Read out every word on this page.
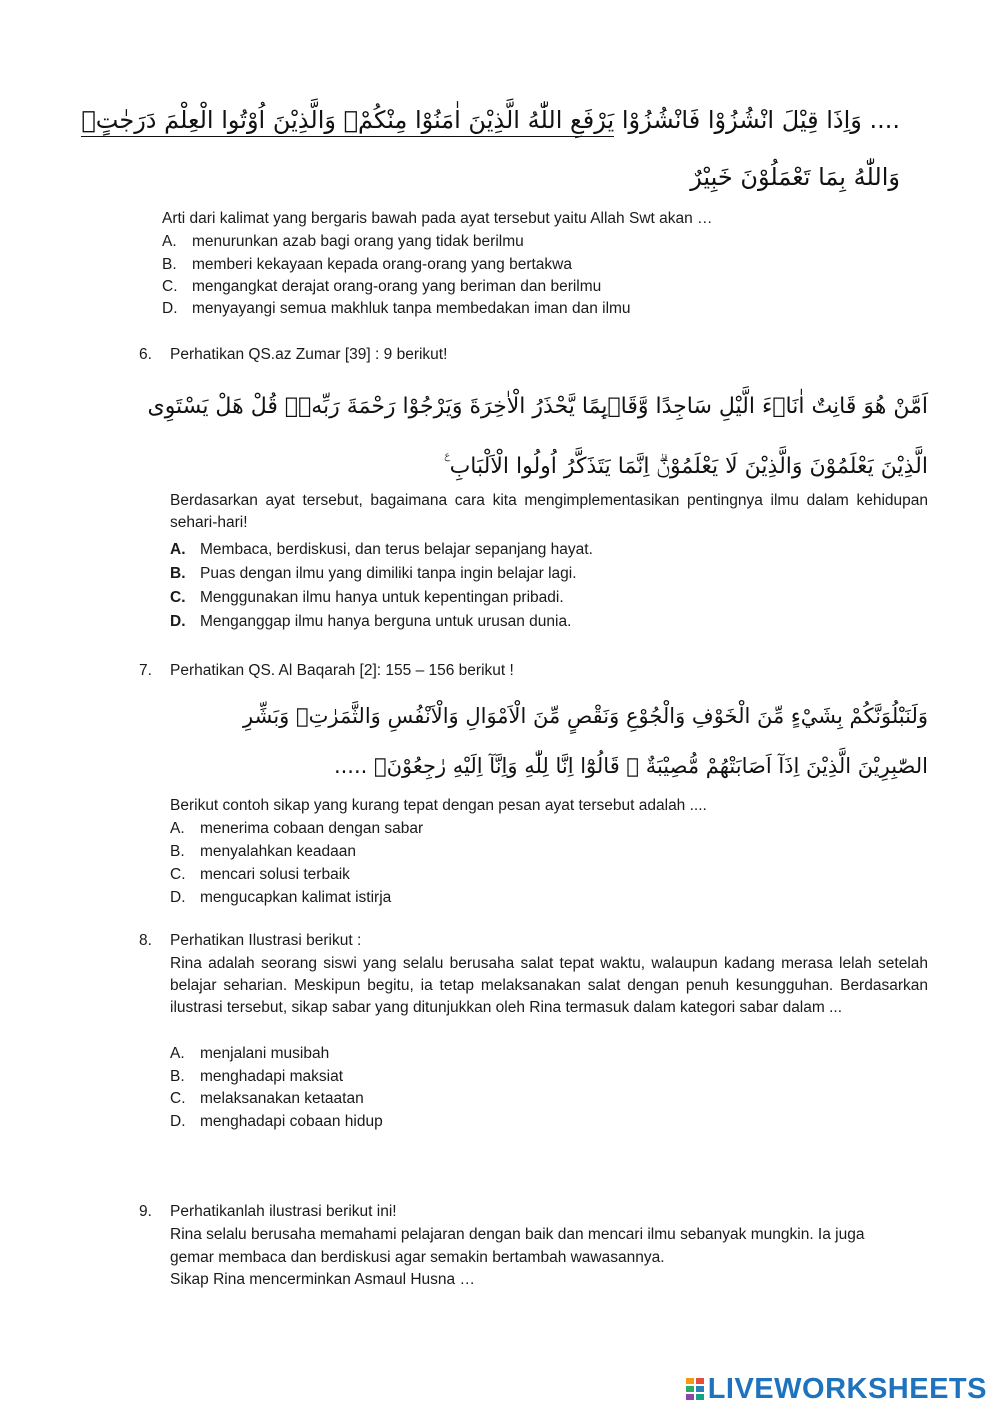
.... وَاِذَا قِيْلَ انْشُزُوْا فَانْشُزُوْا يَرْفَعِ اللّٰهُ الَّذِيْنَ اٰمَنُوْا مِنْكُمْۙ وَالَّذِيْنَ اُوْتُوا الْعِلْمَ دَرَجٰتٍۗ
وَاللّٰهُ بِمَا تَعْمَلُوْنَ خَبِيْرٌ
Arti dari kalimat yang bergaris bawah pada ayat tersebut yaitu Allah Swt akan …
A. menurunkan azab bagi orang yang tidak berilmu
B. memberi kekayaan kepada orang-orang yang bertakwa
C. mengangkat derajat orang-orang yang beriman dan berilmu
D. menyayangi semua makhluk tanpa membedakan iman dan ilmu
6.	Perhatikan QS.az Zumar [39] : 9 berikut!
اَمَّنْ هُوَ قَانِتٌ اٰنَاۤءَ الَّيْلِ سَاجِدًا وَّقَاۤىِٕمًا يَّحْذَرُ الْاٰخِرَةَ وَيَرْجُوْا رَحْمَةَ رَبِّهٖۗ قُلْ هَلْ يَسْتَوِى
الَّذِيْنَ يَعْلَمُوْنَ وَالَّذِيْنَ لَا يَعْلَمُوْنَۗ اِنَّمَا يَتَذَكَّرُ اُولُوا الْاَلْبَابِ ࣖ
Berdasarkan ayat tersebut, bagaimana cara kita mengimplementasikan pentingnya ilmu dalam kehidupan sehari-hari!
A. Membaca, berdiskusi, dan terus belajar sepanjang hayat.
B. Puas dengan ilmu yang dimiliki tanpa ingin belajar lagi.
C. Menggunakan ilmu hanya untuk kepentingan pribadi.
D. Menganggap ilmu hanya berguna untuk urusan dunia.
7.	Perhatikan QS. Al Baqarah [2]: 155 – 156 berikut !
وَلَنَبْلُوَنَّكُمْ بِشَيْءٍ مِّنَ الْخَوْفِ وَالْجُوْعِ وَنَقْصٍ مِّنَ الْاَمْوَالِ وَالْاَنْفُسِ وَالثَّمَرٰتِۗ وَبَشِّرِ
الصّٰبِرِيْنَ الَّذِيْنَ اِذَآ اَصَابَتْهُمْ مُّصِيْبَةٌ ۗ قَالُوْٓا اِنَّا لِلّٰهِ وَاِنَّآ اِلَيْهِ رٰجِعُوْنَۗ .....
Berikut contoh sikap yang kurang tepat dengan pesan ayat tersebut adalah ....
A. menerima cobaan dengan sabar
B. menyalahkan keadaan
C. mencari solusi terbaik
D. mengucapkan kalimat istirja
8.	Perhatikan Ilustrasi berikut :
Rina adalah seorang siswi yang selalu berusaha salat tepat waktu, walaupun kadang merasa lelah setelah belajar seharian. Meskipun begitu, ia tetap melaksanakan salat dengan penuh kesungguhan. Berdasarkan ilustrasi tersebut, sikap sabar yang ditunjukkan oleh Rina termasuk dalam kategori sabar dalam ...
A. menjalani musibah
B. menghadapi maksiat
C. melaksanakan ketaatan
D. menghadapi cobaan hidup
9.	Perhatikanlah ilustrasi berikut ini!
Rina selalu berusaha memahami pelajaran dengan baik dan mencari ilmu sebanyak mungkin. Ia juga
gemar membaca dan berdiskusi agar semakin bertambah wawasannya.
Sikap Rina mencerminkan Asmaul Husna …
LIVEWORKSHEETS
